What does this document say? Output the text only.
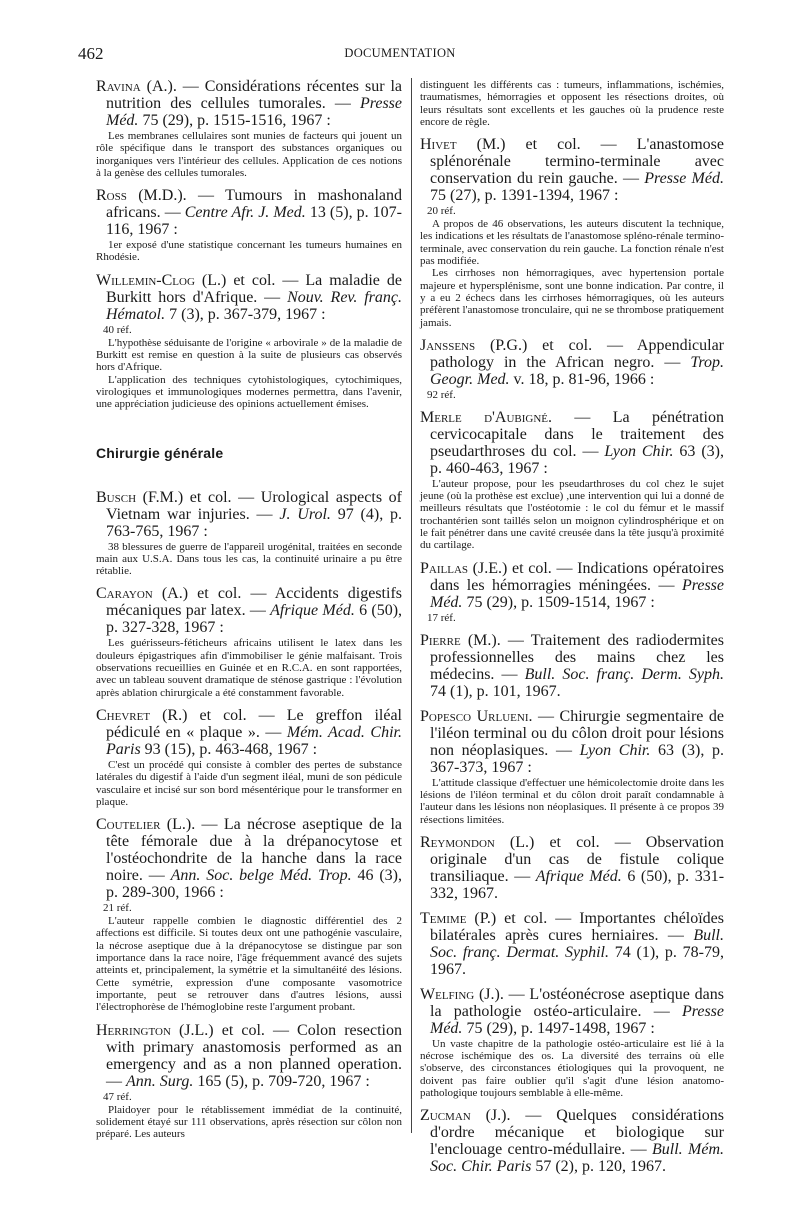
462	DOCUMENTATION
Ravina (A.). — Considérations récentes sur la nutrition des cellules tumorales. — Presse Méd. 75 (29), p. 1515-1516, 1967 :
Les membranes cellulaires sont munies de facteurs qui jouent un rôle spécifique dans le transport des substances organiques ou inorganiques vers l'intérieur des cellules. Application de ces notions à la genèse des cellules tumorales.
Ross (M.D.). — Tumours in mashonaland africans. — Centre Afr. J. Med. 13 (5), p. 107-116, 1967 :
1er exposé d'une statistique concernant les tumeurs humaines en Rhodésie.
Willemin-Clog (L.) et col. — La maladie de Burkitt hors d'Afrique. — Nouv. Rev. franç. Hématol. 7 (3), p. 367-379, 1967 :
40 réf.
L'hypothèse séduisante de l'origine « arbovirale » de la maladie de Burkitt est remise en question à la suite de plusieurs cas observés hors d'Afrique.
L'application des techniques cytohistologiques, cytochimiques, virologiques et immunologiques modernes permettra, dans l'avenir, une appréciation judicieuse des opinions actuellement émises.
Chirurgie générale
Busch (F.M.) et col. — Urological aspects of Vietnam war injuries. — J. Urol. 97 (4), p. 763-765, 1967 :
38 blessures de guerre de l'appareil urogénital, traitées en seconde main aux U.S.A. Dans tous les cas, la continuité urinaire a pu être rétablie.
Carayon (A.) et col. — Accidents digestifs mécaniques par latex. — Afrique Méd. 6 (50), p. 327-328, 1967 :
Les guérisseurs-féticheurs africains utilisent le latex dans les douleurs épigastriques afin d'immobiliser le génie malfaisant. Trois observations recueillies en Guinée et en R.C.A. en sont rapportées, avec un tableau souvent dramatique de sténose gastrique : l'évolution après ablation chirurgicale a été constamment favorable.
Chevret (R.) et col. — Le greffon iléal pédiculé en « plaque ». — Mém. Acad. Chir. Paris 93 (15), p. 463-468, 1967 :
C'est un procédé qui consiste à combler des pertes de substance latérales du digestif à l'aide d'un segment iléal, muni de son pédicule vasculaire et incisé sur son bord mésentérique pour le transformer en plaque.
Coutelier (L.). — La nécrose aseptique de la tête fémorale due à la drépanocytose et l'ostéochondrite de la hanche dans la race noire. — Ann. Soc. belge Méd. Trop. 46 (3), p. 289-300, 1966 :
21 réf.
L'auteur rappelle combien le diagnostic différentiel des 2 affections est difficile. Si toutes deux ont une pathogénie vasculaire, la nécrose aseptique due à la drépanocytose se distingue par son importance dans la race noire, l'âge fréquemment avancé des sujets atteints et, principalement, la symétrie et la simultanéité des lésions. Cette symétrie, expression d'une composante vasomotrice importante, peut se retrouver dans d'autres lésions, aussi l'électrophorèse de l'hémoglobine reste l'argument probant.
Herrington (J.L.) et col. — Colon resection with primary anastomosis performed as an emergency and as a non planned operation. — Ann. Surg. 165 (5), p. 709-720, 1967 :
47 réf.
Plaidoyer pour le rétablissement immédiat de la continuité, solidement étayé sur 111 observations, après résection sur côlon non préparé. Les auteurs
distinguent les différents cas : tumeurs, inflammations, ischémies, traumatismes, hémorragies et opposent les résections droites, où leurs résultats sont excellents et les gauches où la prudence reste encore de règle.
Hivet (M.) et col. — L'anastomose splénorénale termino-terminale avec conservation du rein gauche. — Presse Méd. 75 (27), p. 1391-1394, 1967 :
20 réf.
A propos de 46 observations, les auteurs discutent la technique, les indications et les résultats de l'anastomose spléno-rénale termino-terminale, avec conservation du rein gauche. La fonction rénale n'est pas modifiée.
Les cirrhoses non hémorragiques, avec hypertension portale majeure et hypersplénisme, sont une bonne indication. Par contre, il y a eu 2 échecs dans les cirrhoses hémorragiques, où les auteurs préfèrent l'anastomose tronculaire, qui ne se thrombose pratiquement jamais.
Janssens (P.G.) et col. — Appendicular pathology in the African negro. — Trop. Geogr. Med. v. 18, p. 81-96, 1966 :
92 réf.
Merle d'Aubigné. — La pénétration cervicocapitale dans le traitement des pseudarthroses du col. — Lyon Chir. 63 (3), p. 460-463, 1967 :
L'auteur propose, pour les pseudarthroses du col chez le sujet jeune (où la prothèse est exclue) ,une intervention qui lui a donné de meilleurs résultats que l'ostéotomie : le col du fémur et le massif trochantérien sont taillés selon un moignon cylindrosphérique et on le fait pénétrer dans une cavité creusée dans la tête jusqu'à proximité du cartilage.
Paillas (J.E.) et col. — Indications opératoires dans les hémorragies méningées. — Presse Méd. 75 (29), p. 1509-1514, 1967 :
17 réf.
Pierre (M.). — Traitement des radiodermites professionnelles des mains chez les médecins. — Bull. Soc. franç. Derm. Syph. 74 (1), p. 101, 1967.
Popesco Urlueni. — Chirurgie segmentaire de l'iléon terminal ou du côlon droit pour lésions non néoplasiques. — Lyon Chir. 63 (3), p. 367-373, 1967 :
L'attitude classique d'effectuer une hémicolectomie droite dans les lésions de l'iléon terminal et du côlon droit paraît condamnable à l'auteur dans les lésions non néoplasiques. Il présente à ce propos 39 résections limitées.
Reymondon (L.) et col. — Observation originale d'un cas de fistule colique transiliaque. — Afrique Méd. 6 (50), p. 331-332, 1967.
Temime (P.) et col. — Importantes chéloïdes bilatérales après cures herniaires. — Bull. Soc. franç. Dermat. Syphil. 74 (1), p. 78-79, 1967.
Welfing (J.). — L'ostéonécrose aseptique dans la pathologie ostéo-articulaire. — Presse Méd. 75 (29), p. 1497-1498, 1967 :
Un vaste chapitre de la pathologie ostéo-articulaire est lié à la nécrose ischémique des os. La diversité des terrains où elle s'observe, des circonstances étiologiques qui la provoquent, ne doivent pas faire oublier qu'il s'agit d'une lésion anatomo-pathologique toujours semblable à elle-même.
Zucman (J.). — Quelques considérations d'ordre mécanique et biologique sur l'enclouage centro-médullaire. — Bull. Mém. Soc. Chir. Paris 57 (2), p. 120, 1967.
